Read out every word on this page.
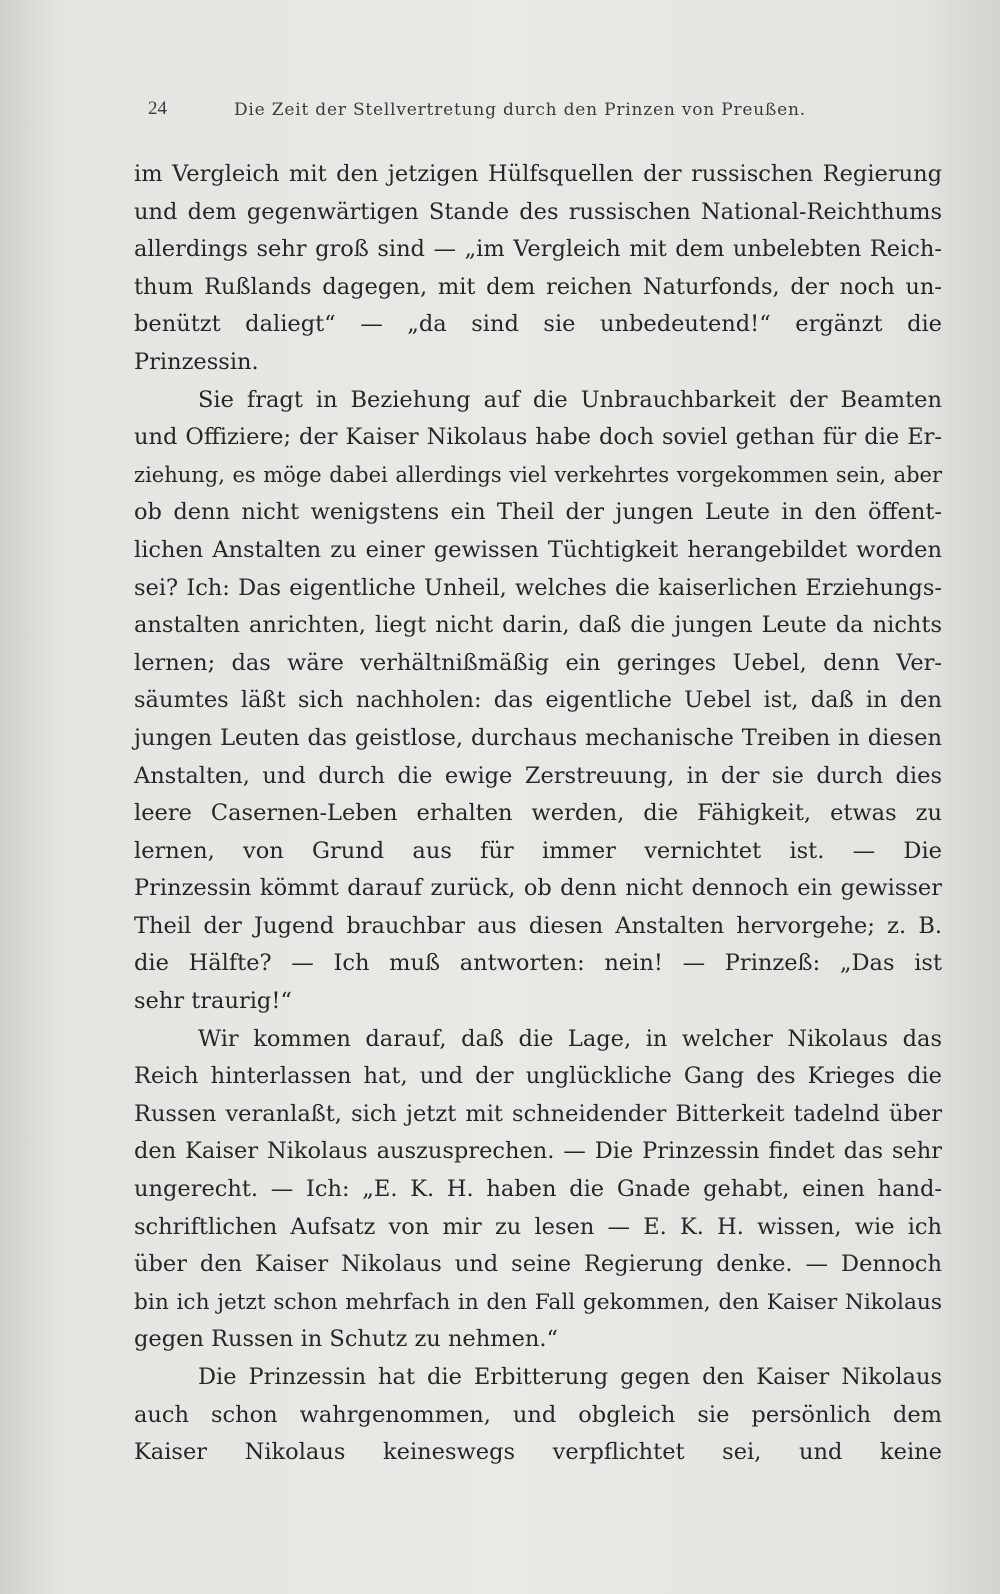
24	Die Zeit der Stellvertretung durch den Prinzen von Preußen.
im Vergleich mit den jetzigen Hülfsquellen der russischen Regierung
und dem gegenwärtigen Stande des russischen National-Reichthums
allerdings sehr groß sind — „im Vergleich mit dem unbelebten Reich-
thum Rußlands dagegen, mit dem reichen Naturfonds, der noch un-
benützt daliegt“ — „da sind sie unbedeutend!“ ergänzt die
Prinzessin.
Sie fragt in Beziehung auf die Unbrauchbarkeit der Beamten
und Offiziere; der Kaiser Nikolaus habe doch soviel gethan für die Er-
ziehung, es möge dabei allerdings viel verkehrtes vorgekommen sein, aber
ob denn nicht wenigstens ein Theil der jungen Leute in den öffent-
lichen Anstalten zu einer gewissen Tüchtigkeit herangebildet worden
sei? Ich: Das eigentliche Unheil, welches die kaiserlichen Erziehungs-
anstalten anrichten, liegt nicht darin, daß die jungen Leute da nichts
lernen; das wäre verhältnißmäßig ein geringes Uebel, denn Ver-
säumtes läßt sich nachholen: das eigentliche Uebel ist, daß in den
jungen Leuten das geistlose, durchaus mechanische Treiben in diesen
Anstalten, und durch die ewige Zerstreuung, in der sie durch dies
leere Casernen-Leben erhalten werden, die Fähigkeit, etwas zu
lernen, von Grund aus für immer vernichtet ist. — Die
Prinzessin kömmt darauf zurück, ob denn nicht dennoch ein gewisser
Theil der Jugend brauchbar aus diesen Anstalten hervorgehe; z. B.
die Hälfte? — Ich muß antworten: nein! — Prinzeß: „Das ist
sehr traurig!“
Wir kommen darauf, daß die Lage, in welcher Nikolaus das
Reich hinterlassen hat, und der unglückliche Gang des Krieges die
Russen veranlaßt, sich jetzt mit schneidender Bitterkeit tadelnd über
den Kaiser Nikolaus auszusprechen. — Die Prinzessin findet das sehr
ungerecht. — Ich: „E. K. H. haben die Gnade gehabt, einen hand-
schriftlichen Aufsatz von mir zu lesen — E. K. H. wissen, wie ich
über den Kaiser Nikolaus und seine Regierung denke. — Dennoch
bin ich jetzt schon mehrfach in den Fall gekommen, den Kaiser Nikolaus
gegen Russen in Schutz zu nehmen.“
Die Prinzessin hat die Erbitterung gegen den Kaiser Nikolaus
auch schon wahrgenommen, und obgleich sie persönlich dem
Kaiser Nikolaus keineswegs verpflichtet sei, und keine
